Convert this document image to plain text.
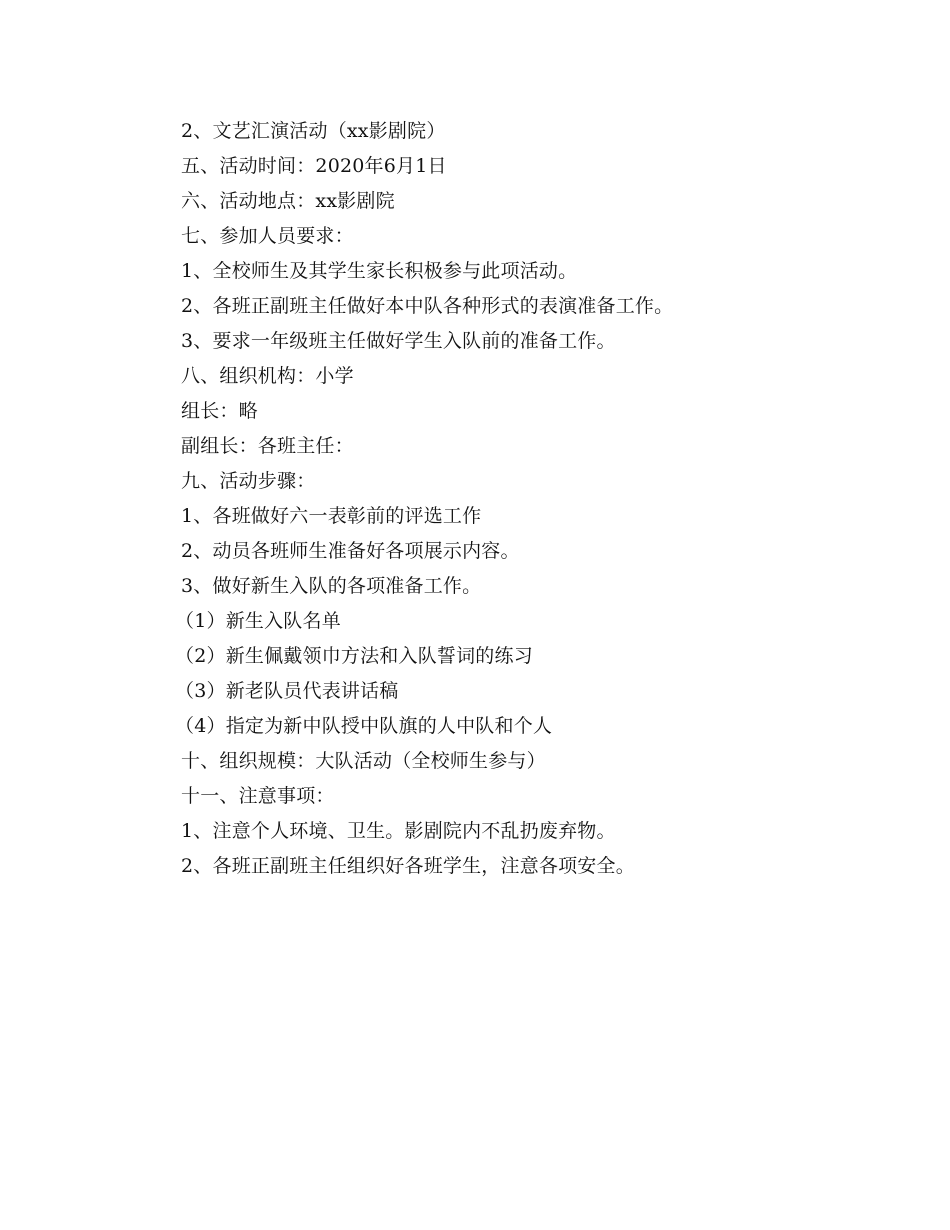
2、文艺汇演活动（xx影剧院）
五、活动时间：2020年6月1日
六、活动地点：xx影剧院
七、参加人员要求：
1、全校师生及其学生家长积极参与此项活动。
2、各班正副班主任做好本中队各种形式的表演准备工作。
3、要求一年级班主任做好学生入队前的准备工作。
八、组织机构：小学
组长：略
副组长：各班主任：
九、活动步骤：
1、各班做好六一表彰前的评选工作
2、动员各班师生准备好各项展示内容。
3、做好新生入队的各项准备工作。
（1）新生入队名单
（2）新生佩戴领巾方法和入队誓词的练习
（3）新老队员代表讲话稿
（4）指定为新中队授中队旗的人中队和个人
十、组织规模：大队活动（全校师生参与）
十一、注意事项：
1、注意个人环境、卫生。影剧院内不乱扔废弃物。
2、各班正副班主任组织好各班学生，注意各项安全。
